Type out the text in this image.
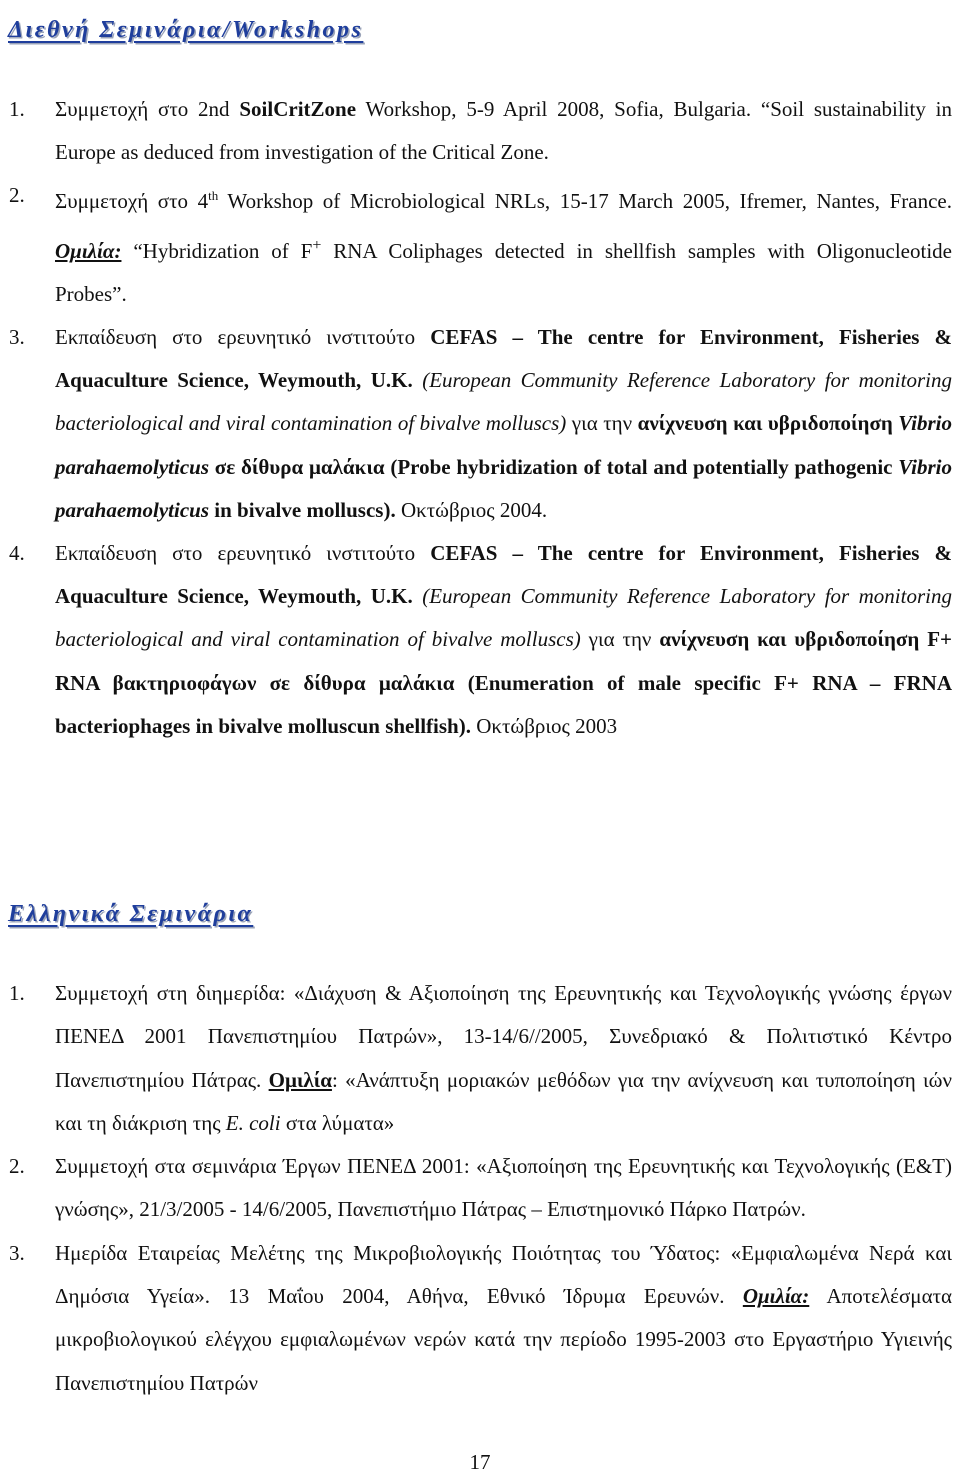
Διεθνή Σεμινάρια/Workshops
1. Συμμετοχή στο 2nd SoilCritZone Workshop, 5-9 April 2008, Sofia, Bulgaria. “Soil sustainability in Europe as deduced from investigation of the Critical Zone.
2. Συμμετοχή στο 4th Workshop of Microbiological NRLs, 15-17 March 2005, Ifremer, Nantes, France. Ομιλία: “Hybridization of F+ RNA Coliphages detected in shellfish samples with Oligonucleotide Probes”.
3. Εκπαίδευση στο ερευνητικό ινστιτούτο CEFAS – The centre for Environment, Fisheries & Aquaculture Science, Weymouth, U.K. (European Community Reference Laboratory for monitoring bacteriological and viral contamination of bivalve molluscs) για την ανίχνευση και υβριδοποίηση Vibrio parahaemolyticus σε δίθυρα μαλάκια (Probe hybridization of total and potentially pathogenic Vibrio parahaemolyticus in bivalve molluscs). Οκτώβριος 2004.
4. Εκπαίδευση στο ερευνητικό ινστιτούτο CEFAS – The centre for Environment, Fisheries & Aquaculture Science, Weymouth, U.K. (European Community Reference Laboratory for monitoring bacteriological and viral contamination of bivalve molluscs) για την ανίχνευση και υβριδοποίηση F+ RNA βακτηριοφάγων σε δίθυρα μαλάκια (Enumeration of male specific F+ RNA – FRNA bacteriophages in bivalve molluscun shellfish). Οκτώβριος 2003
Ελληνικά Σεμινάρια
1. Συμμετοχή στη διημερίδα: «Διάχυση & Αξιοποίηση της Ερευνητικής και Τεχνολογικής γνώσης έργων ΠΕΝΕΔ 2001 Πανεπιστημίου Πατρών», 13-14/6//2005, Συνεδριακό & Πολιτιστικό Κέντρο Πανεπιστημίου Πάτρας. Ομιλία: «Ανάπτυξη μοριακών μεθόδων για την ανίχνευση και τυποποίηση ιών και τη διάκριση της E. coli στα λύματα»
2. Συμμετοχή στα σεμινάρια Έργων ΠΕΝΕΔ 2001: «Αξιοποίηση της Ερευνητικής και Τεχνολογικής (Ε&Τ) γνώσης», 21/3/2005 - 14/6/2005, Πανεπιστήμιο Πάτρας – Επιστημονικό Πάρκο Πατρών.
3. Ημερίδα Εταιρείας Μελέτης της Μικροβιολογικής Ποιότητας του Ύδατος: «Εμφιαλωμένα Νερά και Δημόσια Υγεία». 13 Μαΐου 2004, Αθήνα, Εθνικό Ίδρυμα Ερευνών. Ομιλία: Αποτελέσματα μικροβιολογικού ελέγχου εμφιαλωμένων νερών κατά την περίοδο 1995-2003 στο Εργαστήριο Υγιεινής Πανεπιστημίου Πατρών
17
